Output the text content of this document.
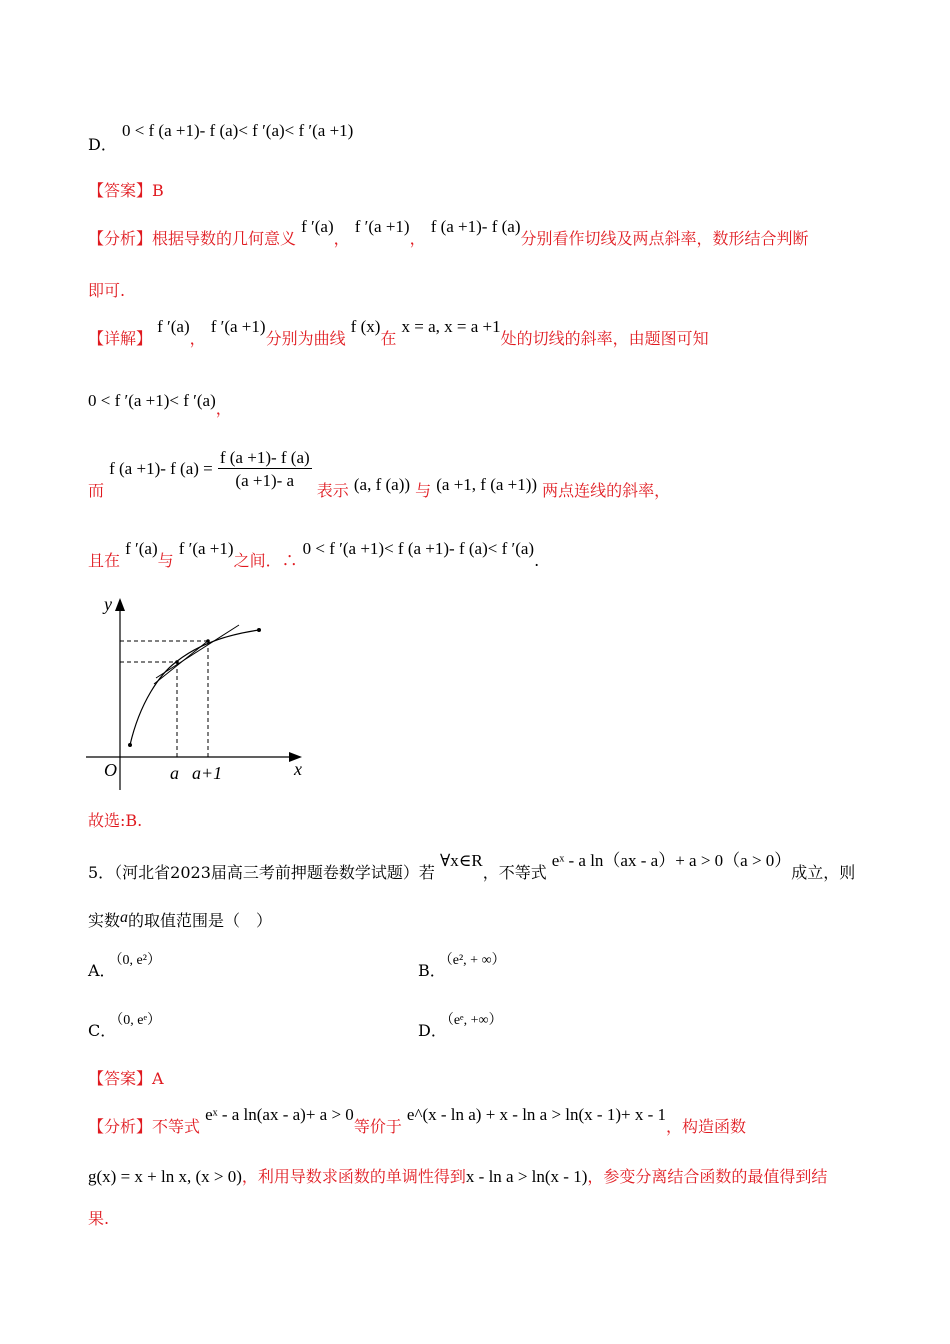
D． 0 < f (a +1)- f (a)< f ′(a)< f ′(a +1)
【答案】B
【分析】根据导数的几何意义 f ′(a)， f ′(a +1)， f (a +1)- f (a)分别看作切线及两点斜率，数形结合判断
即可.
【详解】 f ′(a)， f ′(a +1)分别为曲线 f (x)在 x = a, x = a +1处的切线的斜率，由题图可知
0 < f ′(a +1)< f ′(a)，
而 f (a +1)- f $(a) = \frac{f (a +1)- f (a)}{(a +1)- a}$ 表示 (a, f (a)) 与 (a +1, f (a +1)) 两点连线的斜率，
且在 f ′(a)与 f ′(a +1)之间．∴ 0 < f ′(a +1)< f (a +1)- f (a)< f ′(a).
y
x
O	a a+1
故选:B.
5．（河北省2023届高三考前押题卷数学试题）若 ∀x∈R，不等式 eˣ - a ln（ax - a）+ a > 0（a > 0）成立，则
实数a的取值范围是（　）
A．（0, e²）
B．（e², + ∞）
C．（0, eᵉ）
D．（eᵉ, +∞）
【答案】A
【分析】不等式 eˣ - a ln(ax - a)+ a > 0等价于 e^(x - ln a) + x - ln a > ln(x - 1)+ x - 1，构造函数
g(x) = x + ln x, (x > 0)，利用导数求函数的单调性得到x - ln a > ln(x - 1)，参变分离结合函数的最值得到结
果.
